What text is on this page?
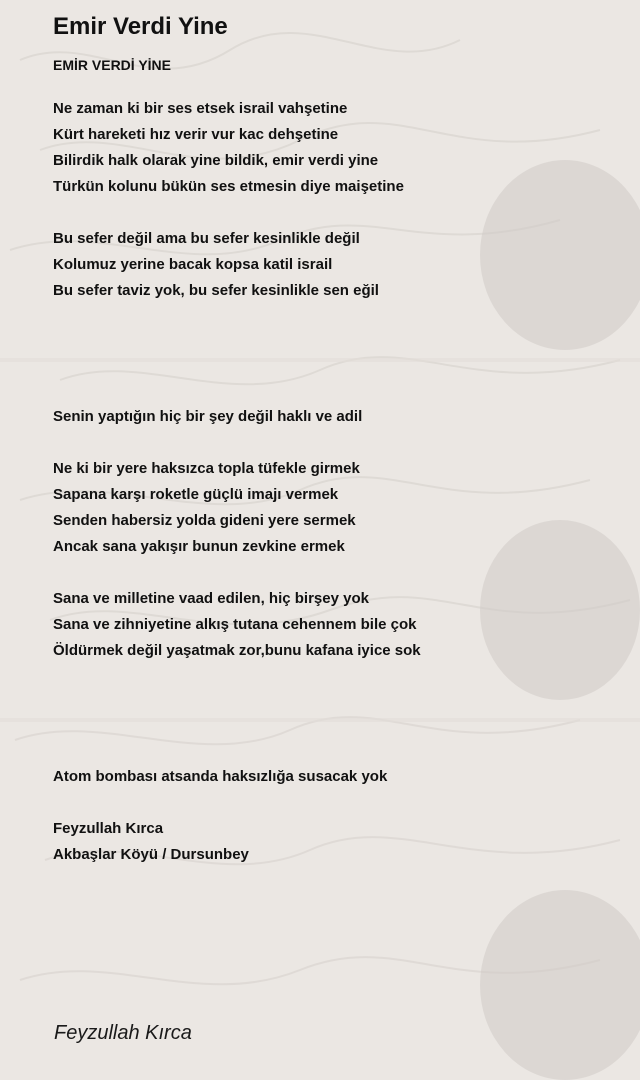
Emir Verdi Yine
EMİR VERDİ YİNE
Ne zaman ki bir ses etsek israil vahşetine
Kürt hareketi hız verir vur kac dehşetine
Bilirdik halk olarak yine bildik, emir verdi yine
Türkün kolunu bükün ses etmesin diye maişetine
Bu sefer değil ama bu sefer kesinlikle değil
Kolumuz yerine bacak kopsa katil israil
Bu sefer taviz yok, bu sefer kesinlikle sen eğil
Senin yaptığın hiç bir şey değil haklı ve adil
Ne ki bir yere haksızca topla tüfekle girmek
Sapana karşı roketle güçlü imajı vermek
Senden habersiz yolda gideni yere sermek
Ancak sana yakışır bunun zevkine ermek
Sana ve milletine vaad edilen, hiç birşey yok
Sana ve zihniyetine alkış tutana cehennem bile çok
Öldürmek değil yaşatmak zor,bunu kafana iyice sok
Atom bombası atsanda haksızlığa susacak yok
Feyzullah Kırca
Akbaşlar Köyü / Dursunbey
Feyzullah Kırca
